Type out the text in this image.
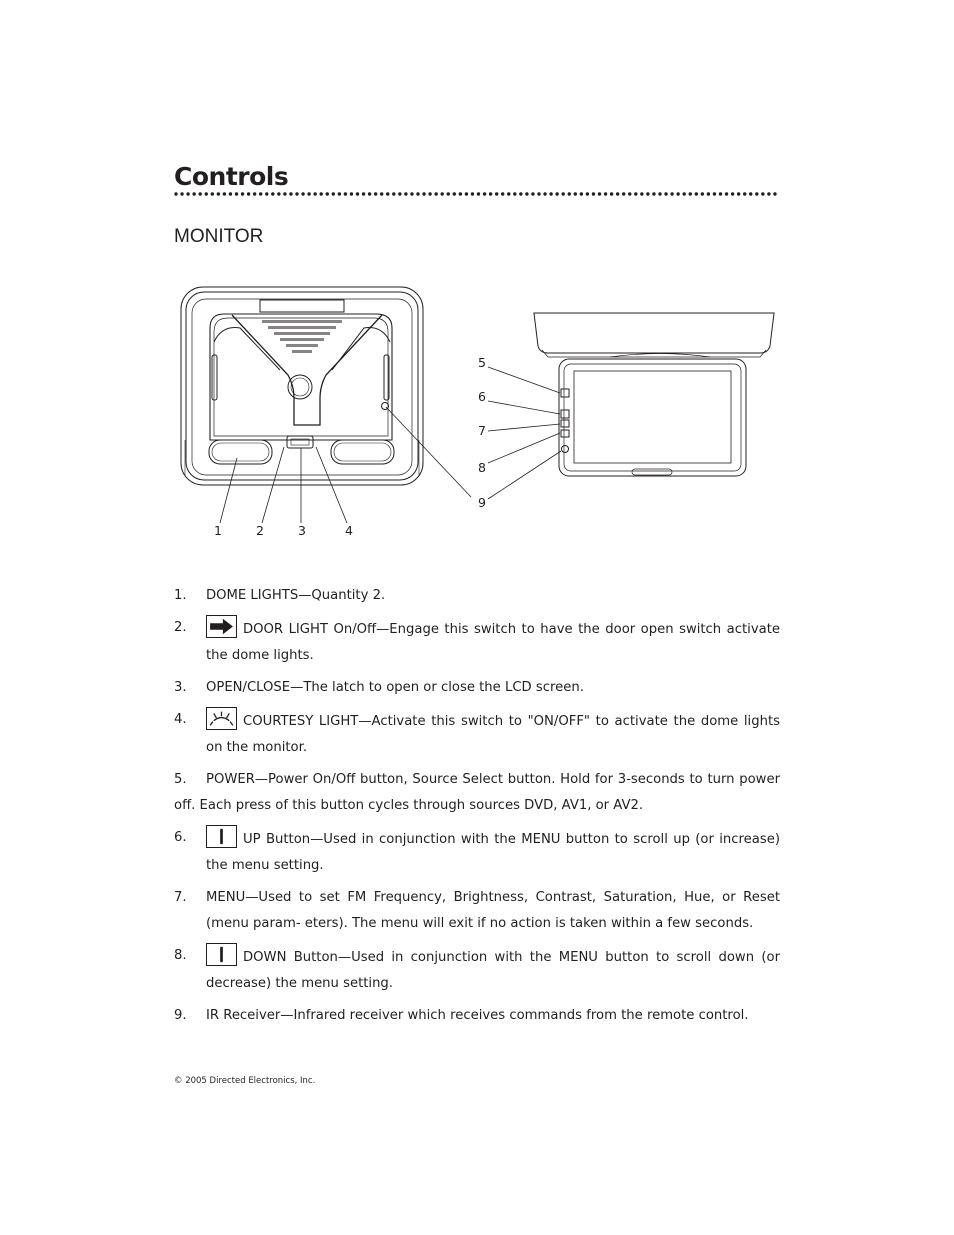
Controls
MONITOR
1	2	3	4
5
6
7
8
9
1. DOME LIGHTS—Quantity 2.
2.	DOOR LIGHT On/Off—Engage this switch to have the door open switch activate the dome lights.
3. OPEN/CLOSE—The latch to open or close the LCD screen.
4.	COURTESY LIGHT—Activate this switch to "ON/OFF" to activate the dome lights on the monitor.
5. POWER—Power On/Off button, Source Select button. Hold for 3-seconds to turn power off. Each press of this button cycles through sources DVD, AV1, or AV2.
6.	UP Button—Used in conjunction with the MENU button to scroll up (or increase) the menu setting.
7. MENU—Used to set FM Frequency, Brightness, Contrast, Saturation, Hue, or Reset (menu param- eters). The menu will exit if no action is taken within a few seconds.
8.	DOWN Button—Used in conjunction with the MENU button to scroll down (or decrease) the menu setting.
9. IR Receiver—Infrared receiver which receives commands from the remote control.
© 2005 Directed Electronics, Inc.
